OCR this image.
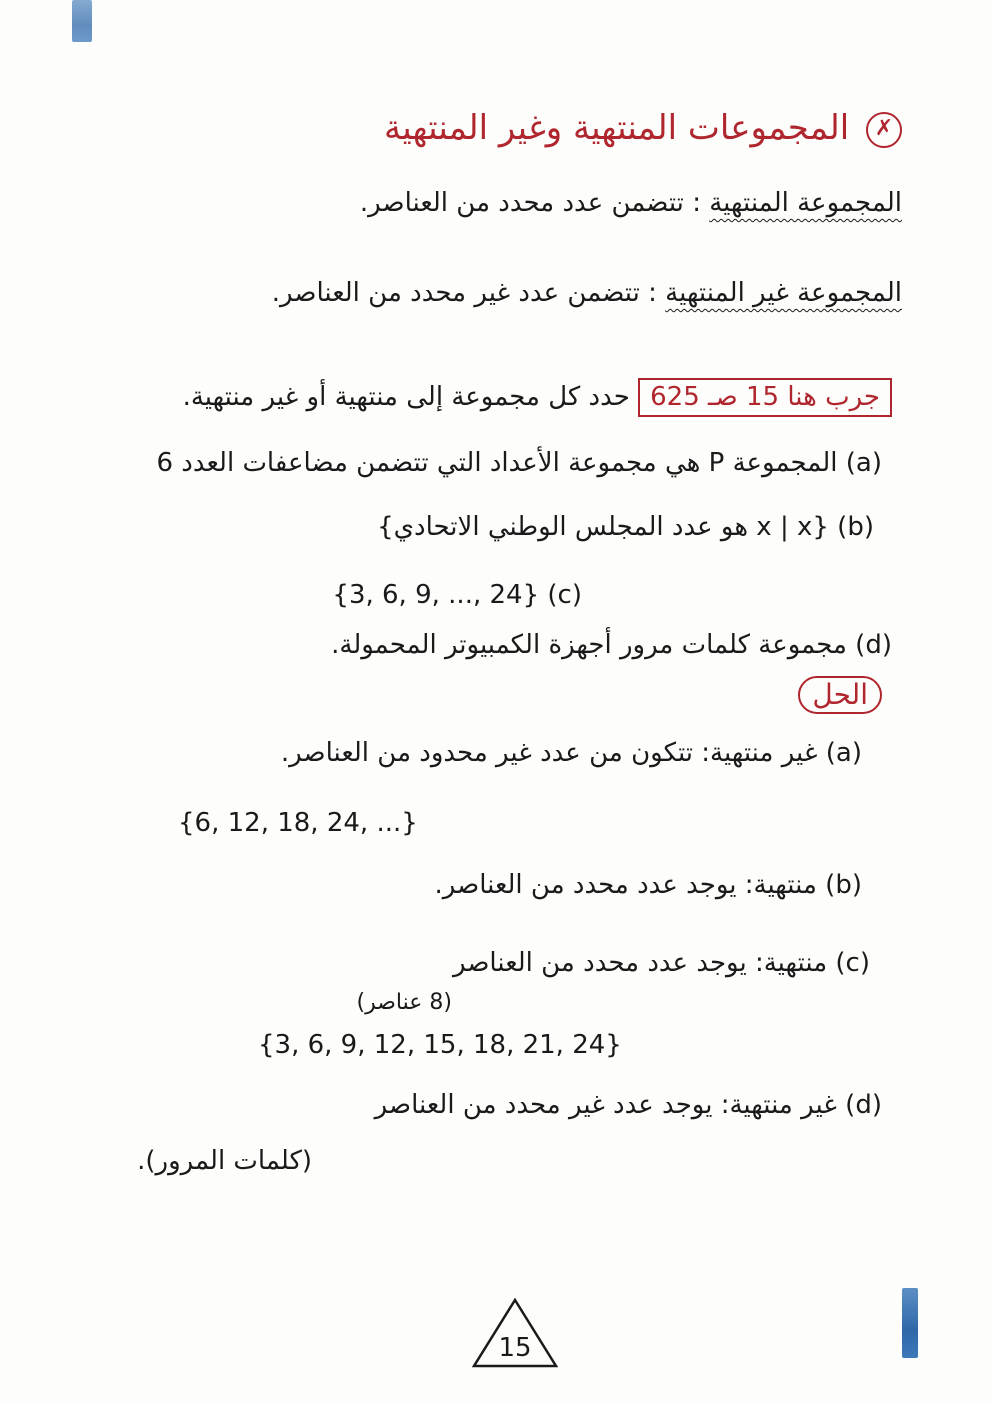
✗ المجموعات المنتهية وغير المنتهية
المجموعة المنتهية : تتضمن عدد محدد من العناصر.
المجموعة غير المنتهية : تتضمن عدد غير محدد من العناصر.
جرب هنا 15 صـ 625 حدد كل مجموعة إلى منتهية أو غير منتهية.
(a) المجموعة P هي مجموعة الأعداد التي تتضمن مضاعفات العدد 6
(b) {x | x هو عدد المجلس الوطني الاتحادي}
(c) {3, 6, 9, ..., 24}
(d) مجموعة كلمات مرور أجهزة الكمبيوتر المحمولة.
الحل
(a) غير منتهية: تتكون من عدد غير محدود من العناصر.
{6, 12, 18, 24, ...}
(b) منتهية: يوجد عدد محدد من العناصر.
(c) منتهية: يوجد عدد محدد من العناصر
(8 عناصر)
{3, 6, 9, 12, 15, 18, 21, 24}
(d) غير منتهية: يوجد عدد غير محدد من العناصر
(كلمات المرور).
15
